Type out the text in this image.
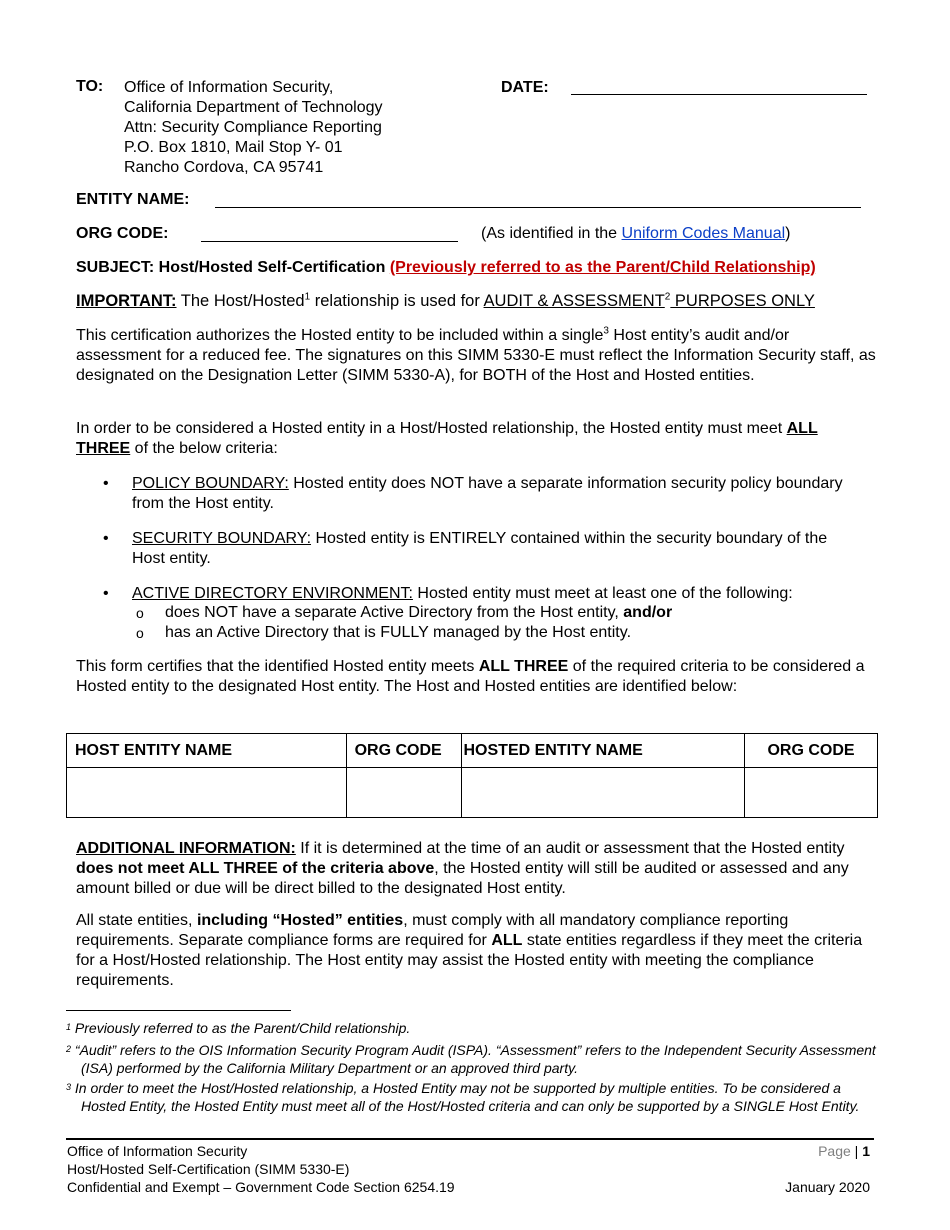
TO: Office of Information Security,
California Department of Technology
Attn: Security Compliance Reporting
P.O. Box 1810, Mail Stop Y- 01
Rancho Cordova, CA 95741
DATE:
ENTITY NAME:
ORG CODE:	(As identified in the Uniform Codes Manual)
SUBJECT: Host/Hosted Self-Certification (Previously referred to as the Parent/Child Relationship)
IMPORTANT: The Host/Hosted$^1$ relationship is used for AUDIT & ASSESSMENT$^2$ PURPOSES ONLY

This certification authorizes the Hosted entity to be included within a single$^3$ Host entity’s audit and/or assessment for a reduced fee. The signatures on this SIMM 5330-E must reflect the Information Security staff, as designated on the Designation Letter (SIMM 5330-A), for BOTH of the Host and Hosted entities.

In order to be considered a Hosted entity in a Host/Hosted relationship, the Hosted entity must meet ALL THREE of the below criteria:

• POLICY BOUNDARY: Hosted entity does NOT have a separate information security policy boundary from the Host entity.
• SECURITY BOUNDARY: Hosted entity is ENTIRELY contained within the security boundary of the Host entity.
• ACTIVE DIRECTORY ENVIRONMENT: Hosted entity must meet at least one of the following:
o does NOT have a separate Active Directory from the Host entity, and/or
o has an Active Directory that is FULLY managed by the Host entity.

This form certifies that the identified Hosted entity meets ALL THREE of the required criteria to be considered a Hosted entity to the designated Host entity. The Host and Hosted entities are identified below:

HOST ENTITY NAME	ORG CODE	HOSTED ENTITY NAME	ORG CODE

ADDITIONAL INFORMATION: If it is determined at the time of an audit or assessment that the Hosted entity does not meet ALL THREE of the criteria above, the Hosted entity will still be audited or assessed and any amount billed or due will be direct billed to the designated Host entity.

All state entities, including “Hosted” entities, must comply with all mandatory compliance reporting requirements. Separate compliance forms are required for ALL state entities regardless if they meet the criteria for a Host/Hosted relationship. The Host entity may assist the Hosted entity with meeting the compliance requirements.

$^1$ Previously referred to as the Parent/Child relationship.
$^2$ “Audit” refers to the OIS Information Security Program Audit (ISPA). “Assessment” refers to the Independent Security Assessment (ISA) performed by the California Military Department or an approved third party.
$^3$ In order to meet the Host/Hosted relationship, a Hosted Entity may not be supported by multiple entities. To be considered a Hosted Entity, the Hosted Entity must meet all of the Host/Hosted criteria and can only be supported by a SINGLE Host Entity.
Office of Information Security
Host/Hosted Self-Certification (SIMM 5330-E)
Confidential and Exempt – Government Code Section 6254.19
Page | 1
January 2020
